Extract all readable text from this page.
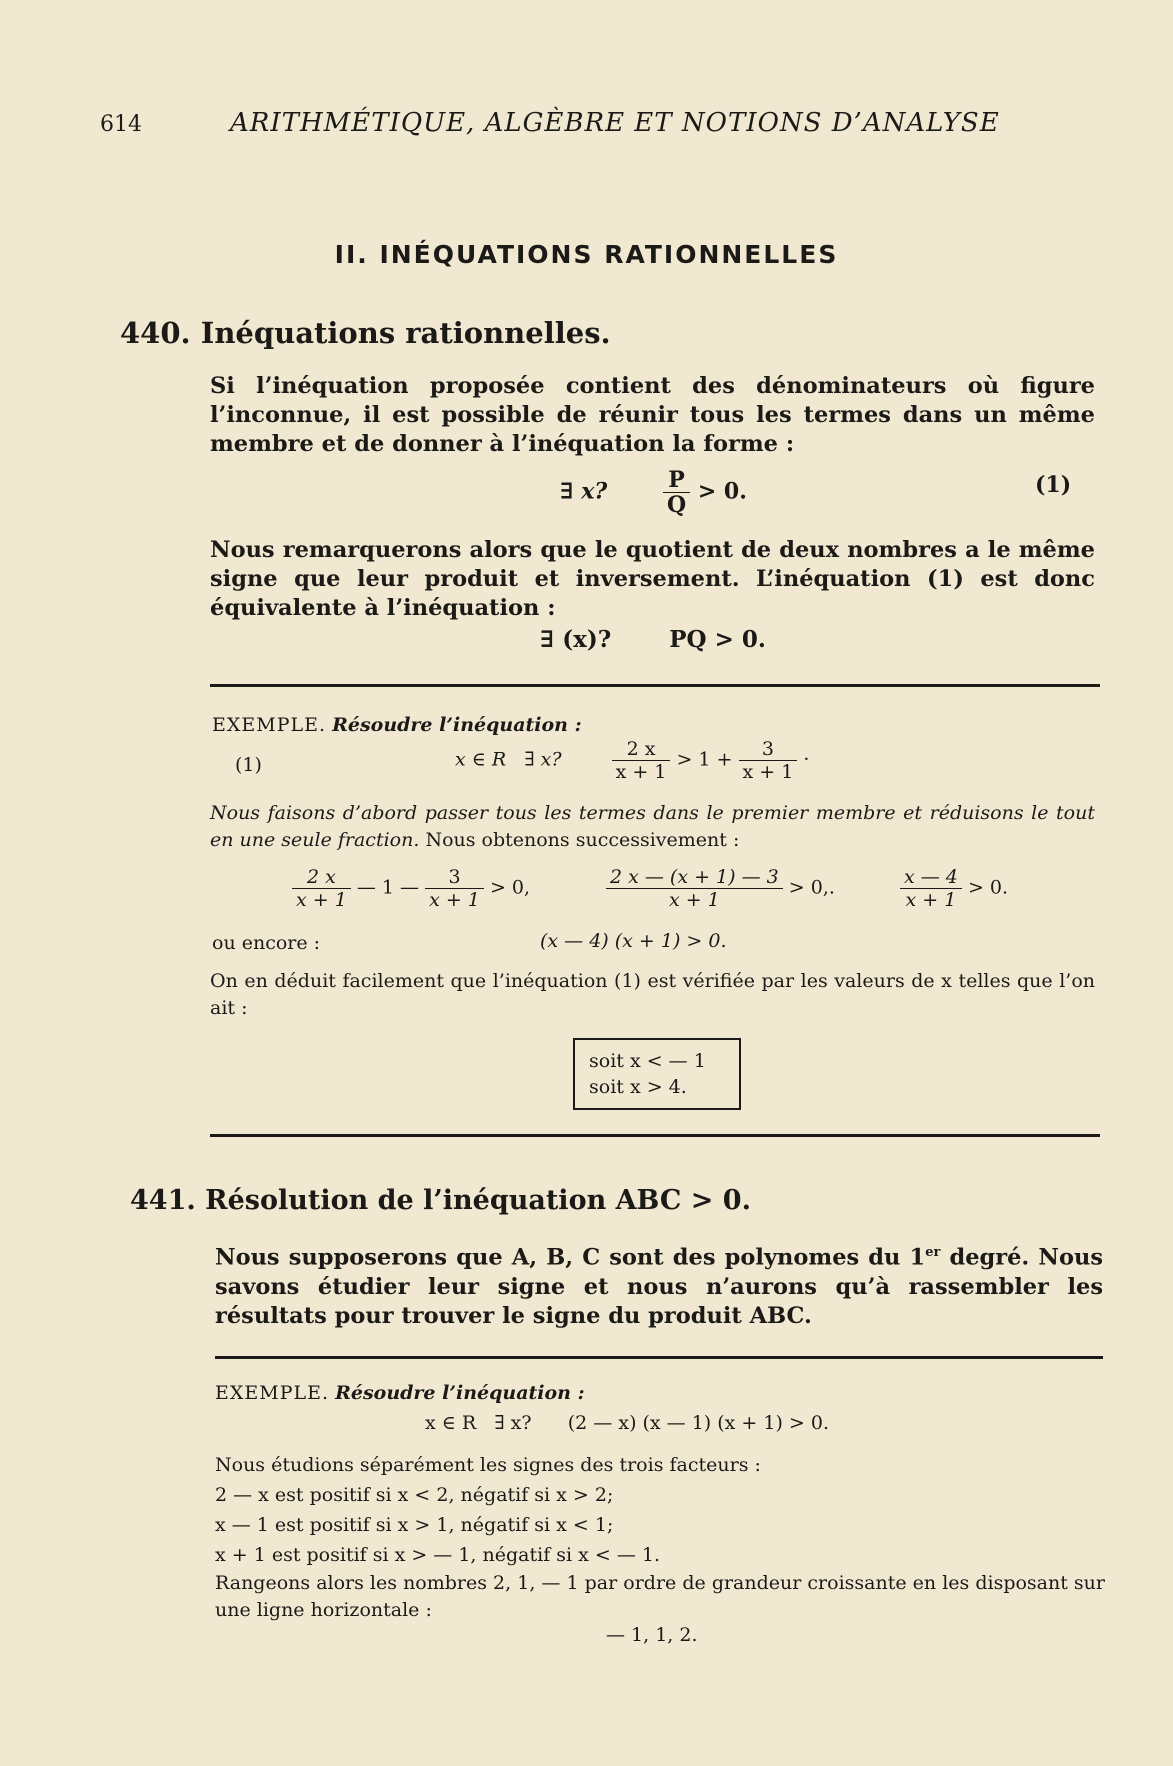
614	ARITHMÉTIQUE, ALGÈBRE ET NOTIONS D’ANALYSE
II. INÉQUATIONS RATIONNELLES
440. Inéquations rationnelles.
Si l’inéquation proposée contient des dénominateurs où figure l’inconnue, il est possible de réunir tous les termes dans un même membre et de donner à l’inéquation la forme :
∃ x?	$\frac{P}{Q} > 0$.	(1)
Nous remarquerons alors que le quotient de deux nombres a le même signe que leur produit et inversement. L’inéquation (1) est donc équivalente à l’inéquation :
∃ (x)?	PQ > 0.
EXEMPLE. Résoudre l’inéquation :
(1)	x ∈ R   ∃ x?	$\frac{2 x}{x + 1} > 1 + \frac{3}{x + 1}$ ·
Nous faisons d’abord passer tous les termes dans le premier membre et réduisons le tout en une seule fraction. Nous obtenons successivement :
$\frac{2 x}{x + 1}$ — 1 — $\frac{3}{x + 1} > 0$,	$\frac{2 x — (x + 1) — 3}{x + 1} > 0$,.	$\frac{x — 4}{x + 1} > 0$.
ou encore :	(x — 4) (x + 1) > 0.
On en déduit facilement que l’inéquation (1) est vérifiée par les valeurs de x telles que l’on ait :
soit x < — 1
soit x > 4.
441. Résolution de l’inéquation ABC > 0.
Nous supposerons que A, B, C sont des polynomes du 1er degré. Nous savons étudier leur signe et nous n’aurons qu’à rassembler les résultats pour trouver le signe du produit ABC.
EXEMPLE. Résoudre l’inéquation :
x ∈ R   ∃ x?      (2 — x) (x — 1) (x + 1) > 0.
Nous étudions séparément les signes des trois facteurs :
2 — x est positif si x < 2, négatif si x > 2;
x — 1 est positif si x > 1, négatif si x < 1;
x + 1 est positif si x > — 1, négatif si x < — 1.
Rangeons alors les nombres 2, 1, — 1 par ordre de grandeur croissante en les disposant sur une ligne horizontale :
— 1, 1, 2.
